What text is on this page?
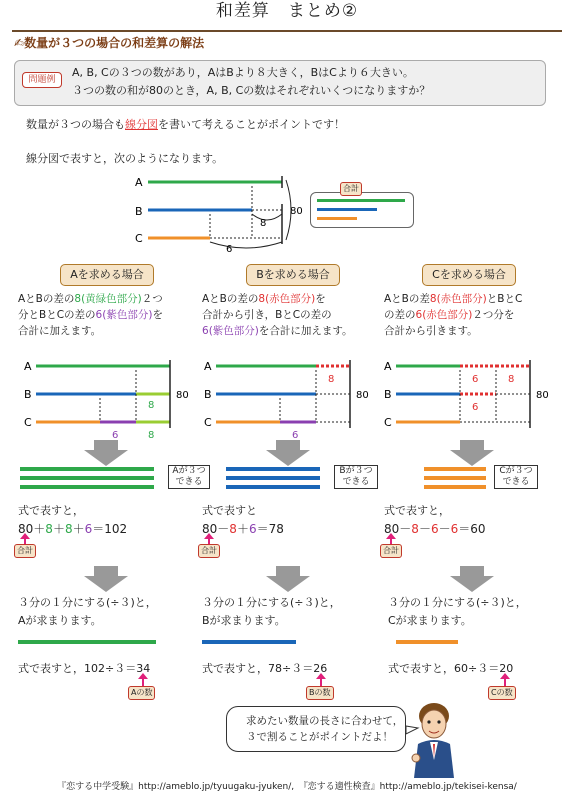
和差算　まとめ②
✍数量が３つの場合の和差算の解法
問題例
A, B, Cの３つの数があり，AはBより８大きく，BはCより６大きい。
３つの数の和が80のとき，A, B, Cの数はそれぞれいくつになりますか？
数量が３つの場合も線分図を書いて考えることがポイントです！
線分図で表すと，次のようになります。
A
B
C
8
6
80
合計
Aを求める場合	Bを求める場合	Cを求める場合
AとBの差の8(黄緑色部分)２つ
分とBとCの差の6(紫色部分)を
合計に加えます。
AとBの差の8(赤色部分)を
合計から引き，BとCの差の
6(紫色部分)を合計に加えます。
AとBの差8(赤色部分)とBとC
の差の6(赤色部分)２つ分を
合計から引きます。
A
B
C
8
6	8
80
A
B
C
8
6
80
A
B
C
6	8
6
80
Aが３つ
できる
Bが３つ
できる
Cが３つ
できる
式で表すと，
80＋8＋8＋6＝102
合計
式で表すと
80－8＋6＝78
合計
式で表すと，
80－8－6－6＝60
合計
３分の１分にする(÷３)と，
Aが求まります。
３分の１分にする(÷３)と，
Bが求まります。
３分の１分にする(÷３)と，
Cが求まります。
式で表すと，102÷３＝34
Aの数
式で表すと，78÷３＝26
Bの数
式で表すと，60÷３＝20
Cの数
求めたい数量の長さに合わせて，
３で割ることがポイントだよ！
『恋する中学受験』http://ameblo.jp/tyuugaku-jyuken/,　『恋する適性検査』http://ameblo.jp/tekisei-kensa/
